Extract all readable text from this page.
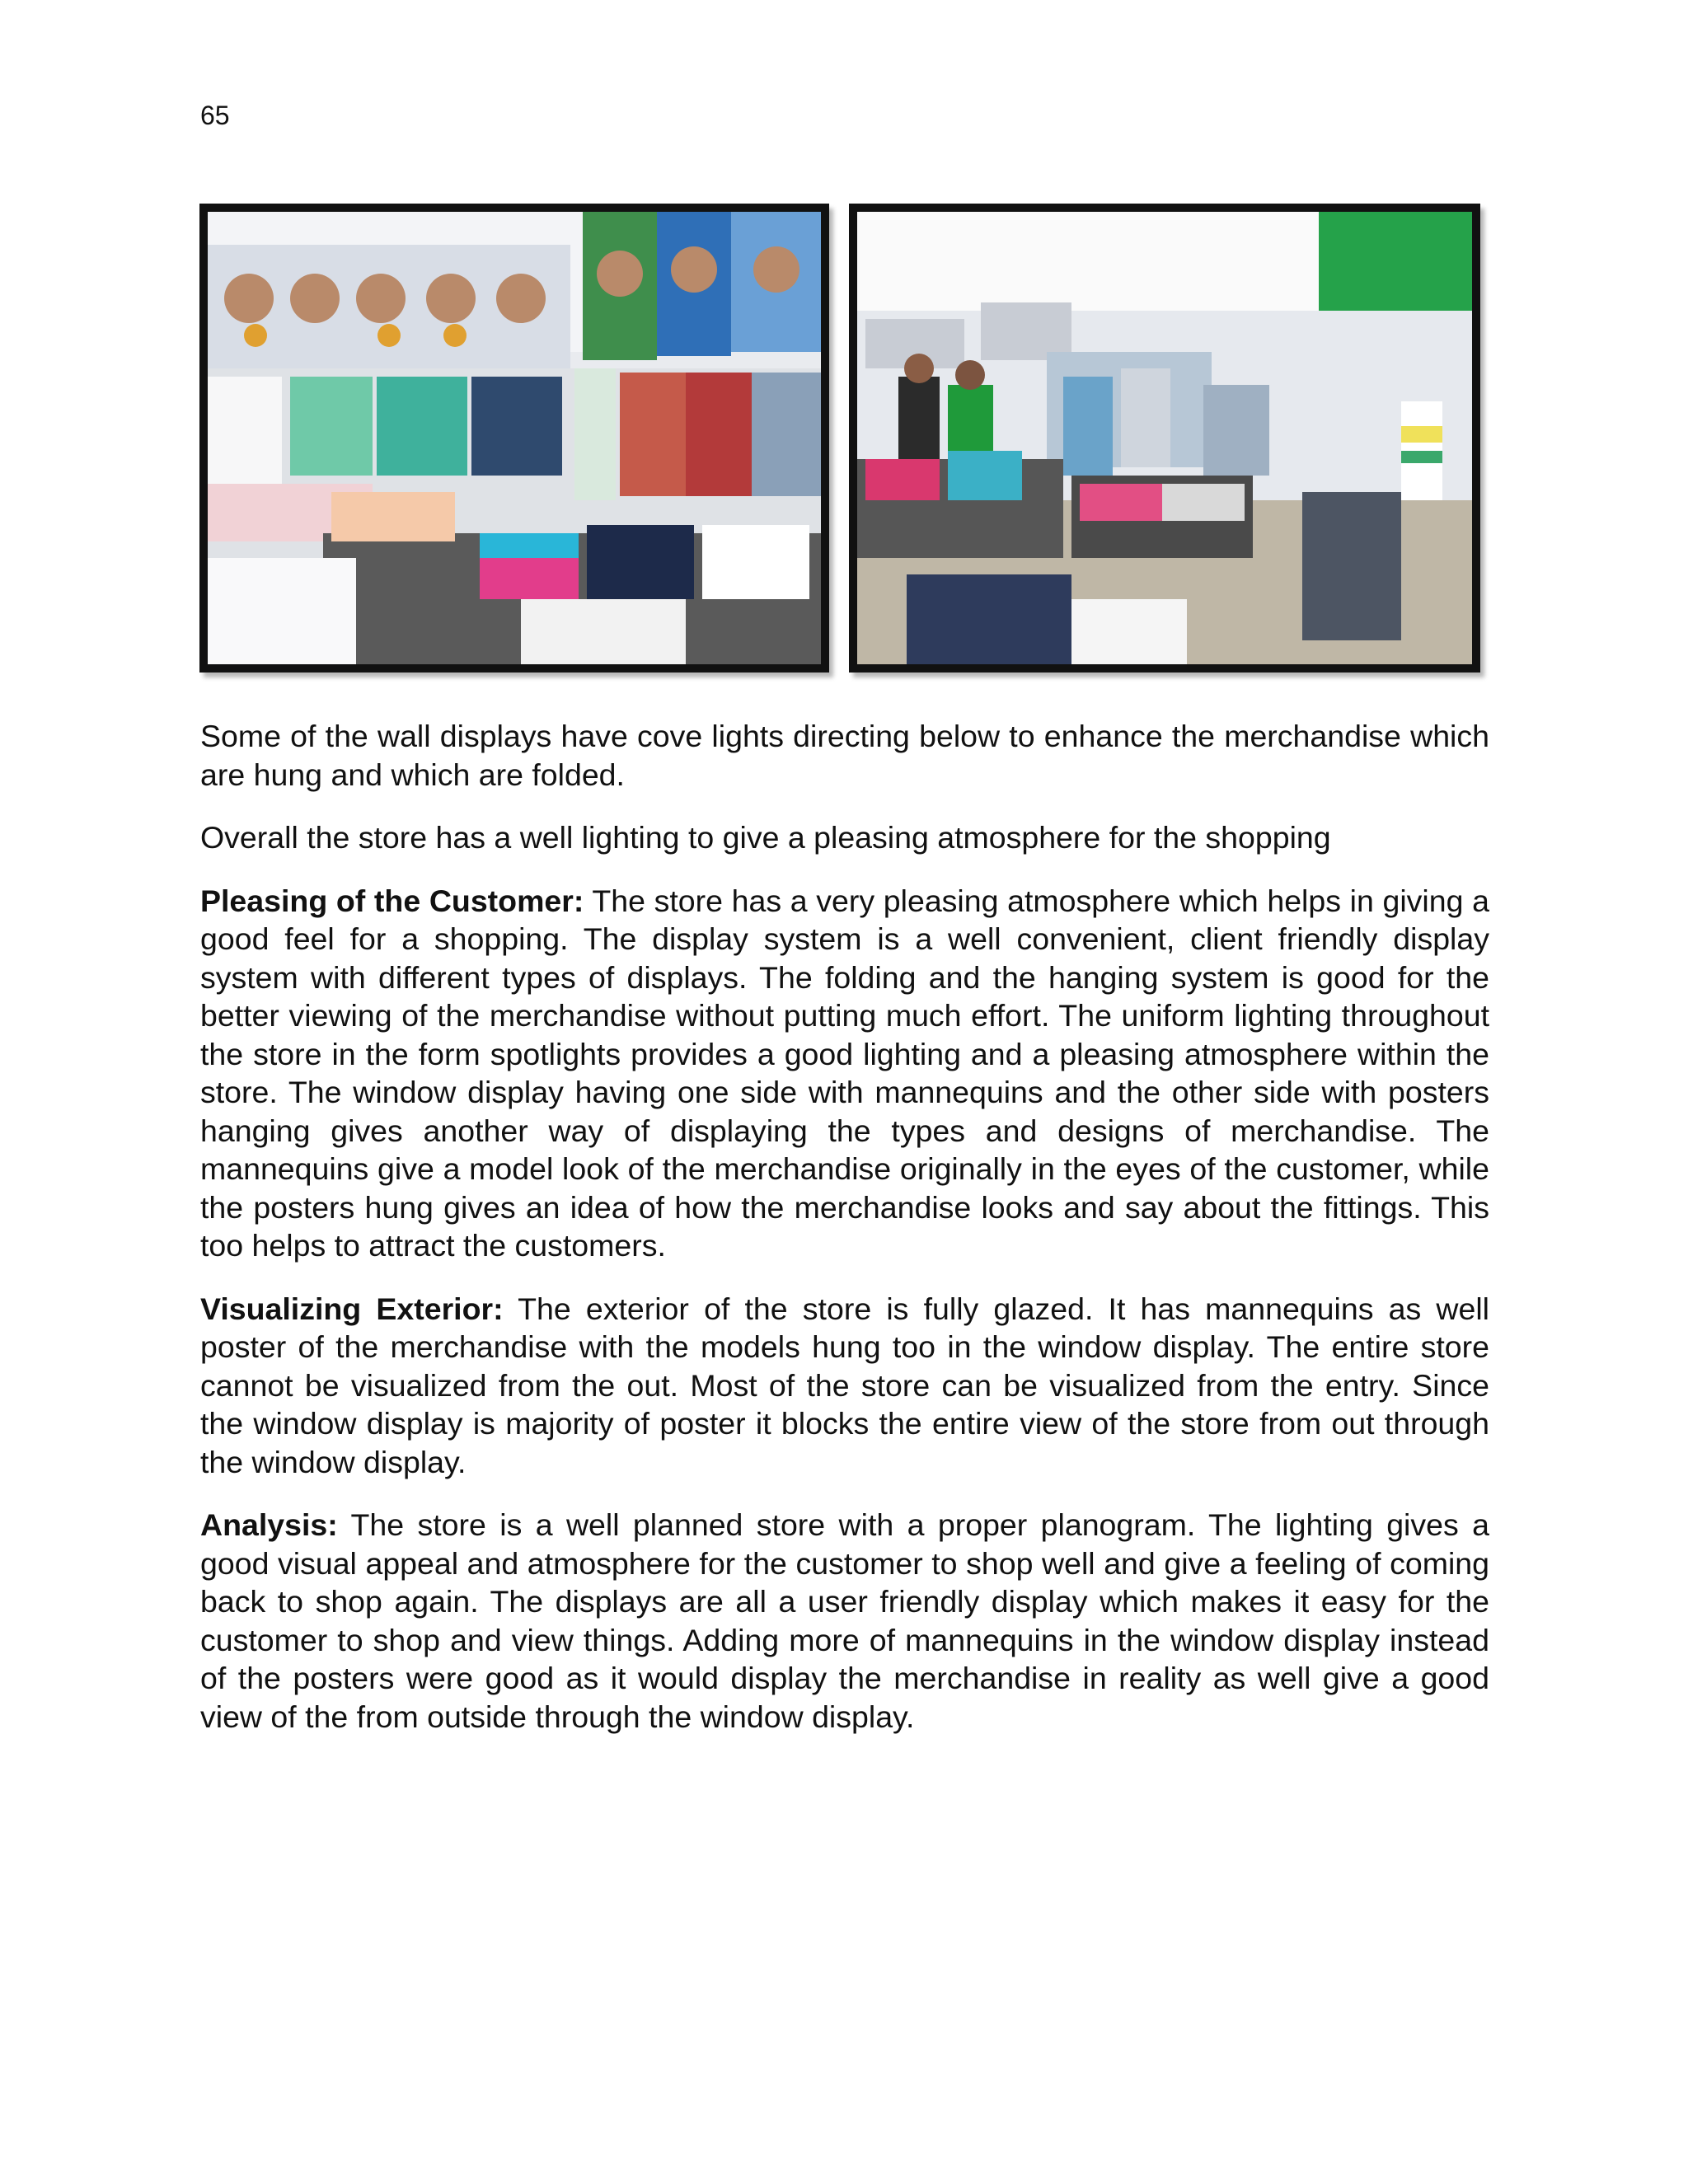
65

Some of the wall displays have cove lights directing below to enhance the merchandise which are hung and which are folded.

Overall the store has a well lighting to give a pleasing atmosphere for the shopping

Pleasing of the Customer: The store has a very pleasing atmosphere which helps in giving a good feel for a shopping. The display system is a well convenient, client friendly display system with different types of displays. The folding and the hanging system is good for the better viewing of the merchandise without putting much effort. The uniform lighting throughout the store in the form spotlights provides a good lighting and a pleasing atmosphere within the store. The window display having one side with mannequins and the other side with posters hanging gives another way of displaying the types and designs of merchandise. The mannequins give a model look of the merchandise originally in the eyes of the customer, while the posters hung gives an idea of how the merchandise looks and say about the fittings. This too helps to attract the customers.

Visualizing Exterior: The exterior of the store is fully glazed. It has mannequins as well poster of the merchandise with the models hung too in the window display. The entire store cannot be visualized from the out. Most of the store can be visualized from the entry. Since the window display is majority of poster it blocks the entire view of the store from out through the window display.

Analysis: The store is a well planned store with a proper planogram. The lighting gives a good visual appeal and atmosphere for the customer to shop well and give a feeling of coming back to shop again. The displays are all a user friendly display which makes it easy for the customer to shop and view things. Adding more of mannequins in the window display instead of the posters were good as it would display the merchandise in reality as well give a good view of the from outside through the window display.
